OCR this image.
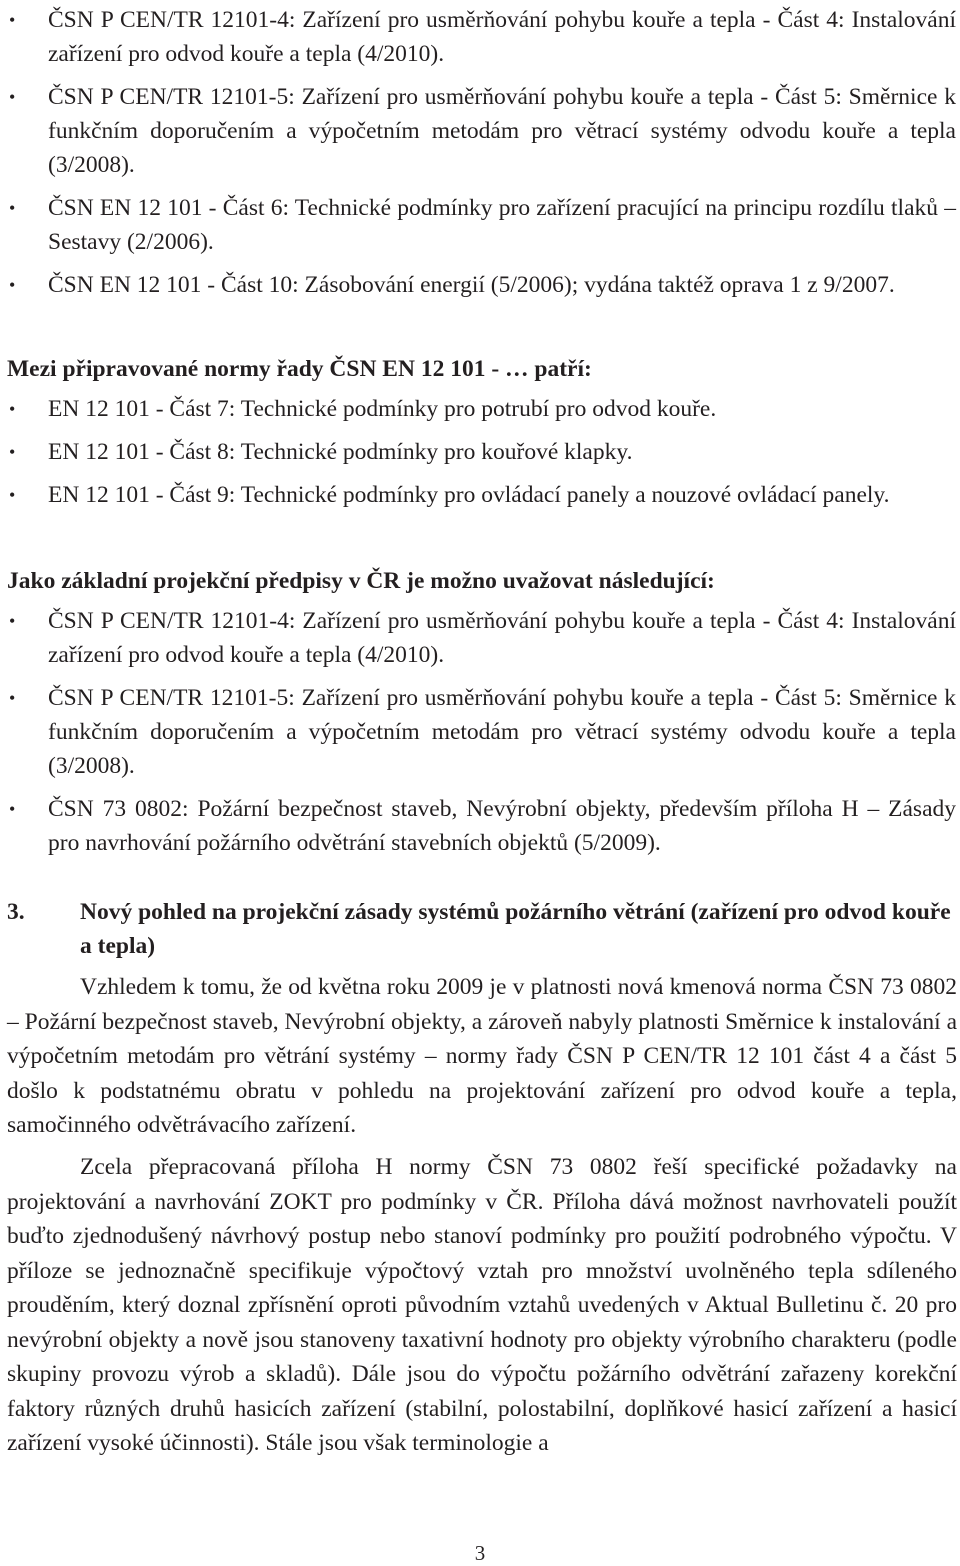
• ČSN P CEN/TR 12101-4: Zařízení pro usměrňování pohybu kouře a tepla - Část 4: Instalování zařízení pro odvod kouře a tepla (4/2010).
• ČSN P CEN/TR 12101-5: Zařízení pro usměrňování pohybu kouře a tepla - Část 5: Směrnice k funkčním doporučením a výpočetním metodám pro větrací systémy odvodu kouře a tepla (3/2008).
• ČSN EN 12 101 - Část 6: Technické podmínky pro zařízení pracující na principu rozdílu tlaků – Sestavy (2/2006).
• ČSN EN 12 101 - Část 10: Zásobování energií (5/2006); vydána taktéž oprava 1 z 9/2007.

Mezi připravované normy řady ČSN EN 12 101 - … patří:

• EN 12 101 - Část 7: Technické podmínky pro potrubí pro odvod kouře.
• EN 12 101 - Část 8: Technické podmínky pro kouřové klapky.
• EN 12 101 - Část 9: Technické podmínky pro ovládací panely a nouzové ovládací panely.

Jako základní projekční předpisy v ČR je možno uvažovat následující:

• ČSN P CEN/TR 12101-4: Zařízení pro usměrňování pohybu kouře a tepla - Část 4: Instalování zařízení pro odvod kouře a tepla (4/2010).
• ČSN P CEN/TR 12101-5: Zařízení pro usměrňování pohybu kouře a tepla - Část 5: Směrnice k funkčním doporučením a výpočetním metodám pro větrací systémy odvodu kouře a tepla (3/2008).
• ČSN 73 0802: Požární bezpečnost staveb, Nevýrobní objekty, především příloha H – Zásady pro navrhování požárního odvětrání stavebních objektů (5/2009).
3. Nový pohled na projekční zásady systémů požárního větrání (zařízení pro odvod kouře a tepla)

Vzhledem k tomu, že od května roku 2009 je v platnosti nová kmenová norma ČSN 73 0802 – Požární bezpečnost staveb, Nevýrobní objekty, a zároveň nabyly platnosti Směrnice k instalování a výpočetním metodám pro větrání systémy – normy řady ČSN P CEN/TR 12 101 část 4 a část 5 došlo k podstatnému obratu v pohledu na projektování zařízení pro odvod kouře a tepla, samočinného odvětrávacího zařízení.

Zcela přepracovaná příloha H normy ČSN 73 0802 řeší specifické požadavky na projektování a navrhování ZOKT pro podmínky v ČR. Příloha dává možnost navrhovateli použít buďto zjednodušený návrhový postup nebo stanoví podmínky pro použití podrobného výpočtu. V příloze se jednoznačně specifikuje výpočtový vztah pro množství uvolněného tepla sdíleného prouděním, který doznal zpřísnění oproti původním vztahů uvedených v Aktual Bulletinu č. 20 pro nevýrobní objekty a nově jsou stanoveny taxativní hodnoty pro objekty výrobního charakteru (podle skupiny provozu výrob a skladů). Dále jsou do výpočtu požárního odvětrání zařazeny korekční faktory různých druhů hasicích zařízení (stabilní, polostabilní, doplňkové hasicí zařízení a hasicí zařízení vysoké účinnosti). Stále jsou však terminologie a

3
